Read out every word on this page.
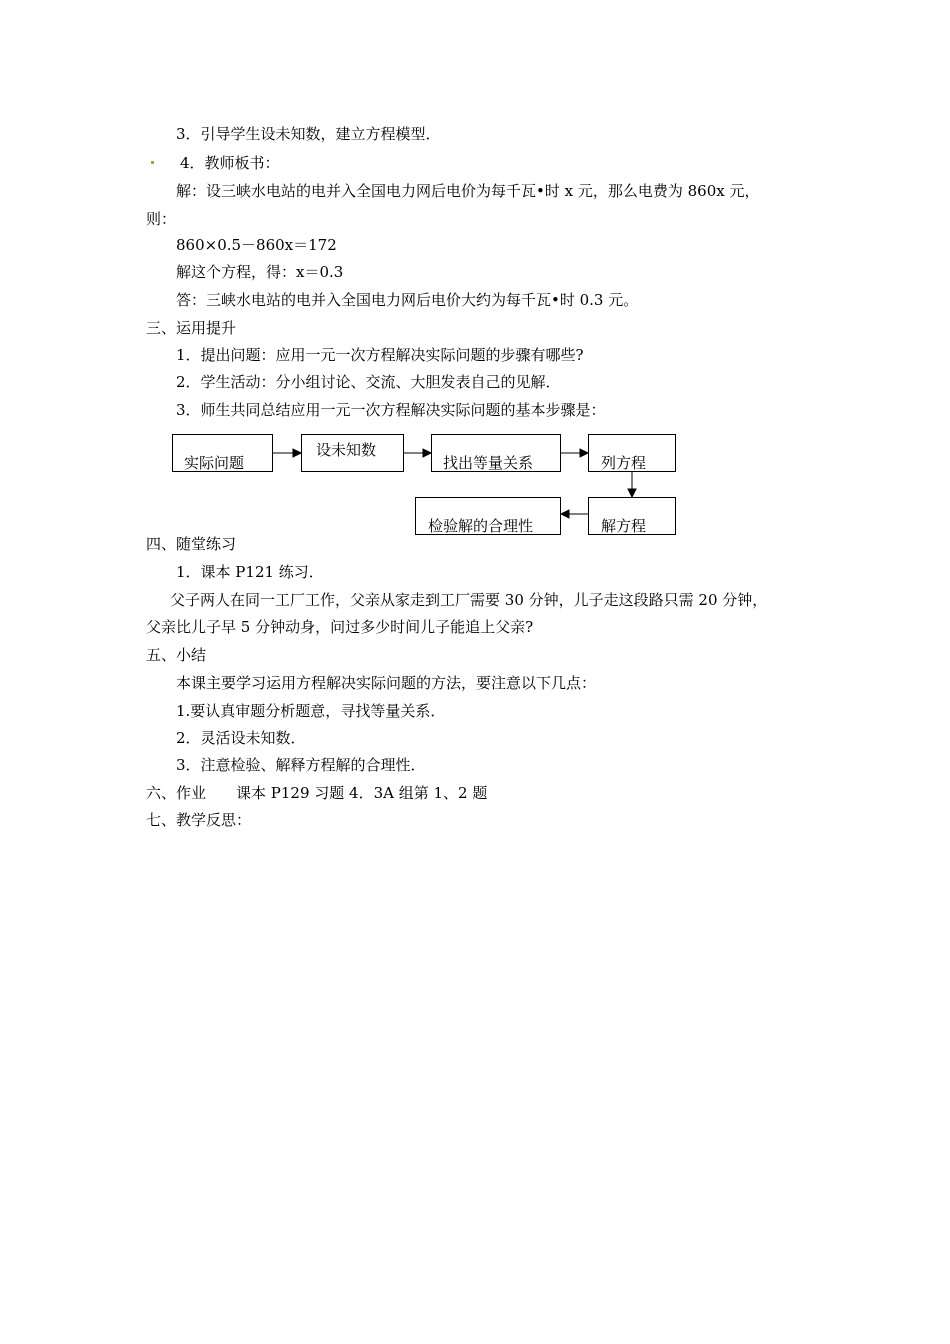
3．引导学生设未知数，建立方程模型．
4．教师板书：
解：设三峡水电站的电并入全国电力网后电价为每千瓦•时 x 元，那么电费为 860x 元，
则：
860×0.5－860x＝172
解这个方程，得：x＝0.3
答：三峡水电站的电并入全国电力网后电价大约为每千瓦•时 0.3 元。
三、运用提升
1．提出问题：应用一元一次方程解决实际问题的步骤有哪些?
2．学生活动：分小组讨论、交流、大胆发表自己的见解．
3．师生共同总结应用一元一次方程解决实际问题的基本步骤是：
实际问题
设未知数
找出等量关系	列方程
解方程
检验解的合理性
四、随堂练习
1．课本 P121 练习．
父子两人在同一工厂工作，父亲从家走到工厂需要 30 分钟，儿子走这段路只需 20 分钟，
父亲比儿子早 5 分钟动身，问过多少时间儿子能追上父亲?
五、小结
本课主要学习运用方程解决实际问题的方法，要注意以下几点：
1.要认真审题分析题意，寻找等量关系．
2．灵活设未知数．
3．注意检验、解释方程解的合理性．
六、作业　　课本 P129 习题 4．3A 组第 1、2 题
七、教学反思：
